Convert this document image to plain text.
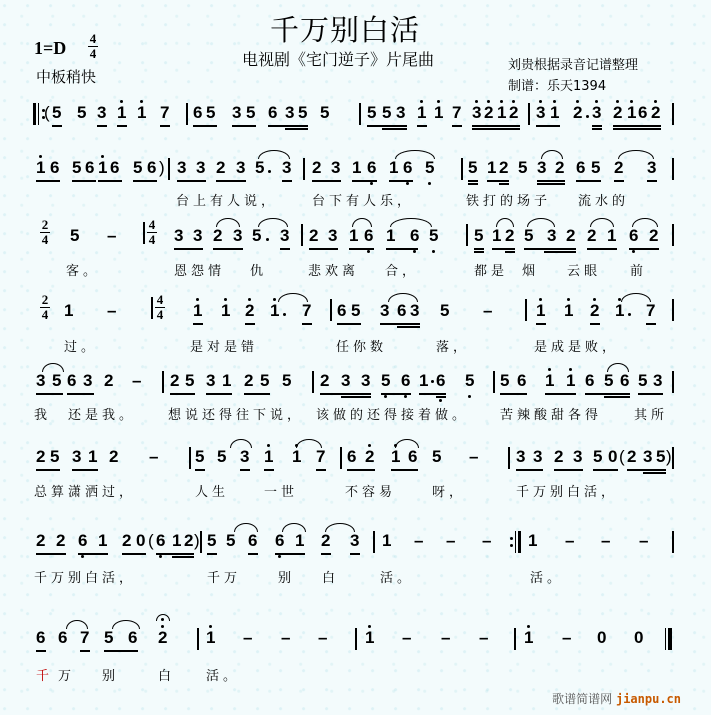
千万别白活
电视剧《宅门逆子》片尾曲
1=D 4
4
中板稍快
刘贵根据录音记谱整理
制谱：乐天1394
( 5 5 3 1 1 7 6 5 3 5 6 3 5 5 5 5 3 1 1 7 3 2 1 2 3 1 2 3 2 1 6 2
1 6 5 6 1 6 5 6 ) 3 3 2 3 5 3 2 3 1 6 1 6 5 5 1 2 5 3 2 6 5 2 3
台上有人说，	台下有人乐，	铁打的场子 流水的
2
4 5 –
4
4 3 3 2 3 5 3 2 3 1 6 1 6 5 5 1 2 5 3 2 2 1 6 2
客。	恩怨情 仇	悲欢离 合，	都是 烟 云眼 前
2
4 1 –
4
4 1 1 2 1 7 6 5 3 6 3 5 –	1 1 2 1 7
过。	是对是错	任你数	落，	是成是败，
3 5 6 3 2 – 2 5 3 1 2 5 5 2 3 3 5 6 1 6 5 5 6 1 1 6 5 6 5 3
我 还是我。 想说还得往下说， 该做的还得接着做。 苦辣酸甜各得 其所
2 5 3 1 2 – 5 5 3 1 1 7 6 2 1 6 5 – 3 3 2 3 5 0 ( 2 3 5 )
总算潇洒过，	人生	一世	不容易	呀，	千万别白活，
2 2 6 1 2 0 ( 6 1 2 ) 5 5 6 6 1 2 3 1 – – – 1 – – –
千万别白活，	千万	别 白	活。	活。
6 6 7 5 6 2 1 – – – 1 – – – 1 – 0 0
千 万 别	白 活。
歌谱简谱网 jianpu.cn
